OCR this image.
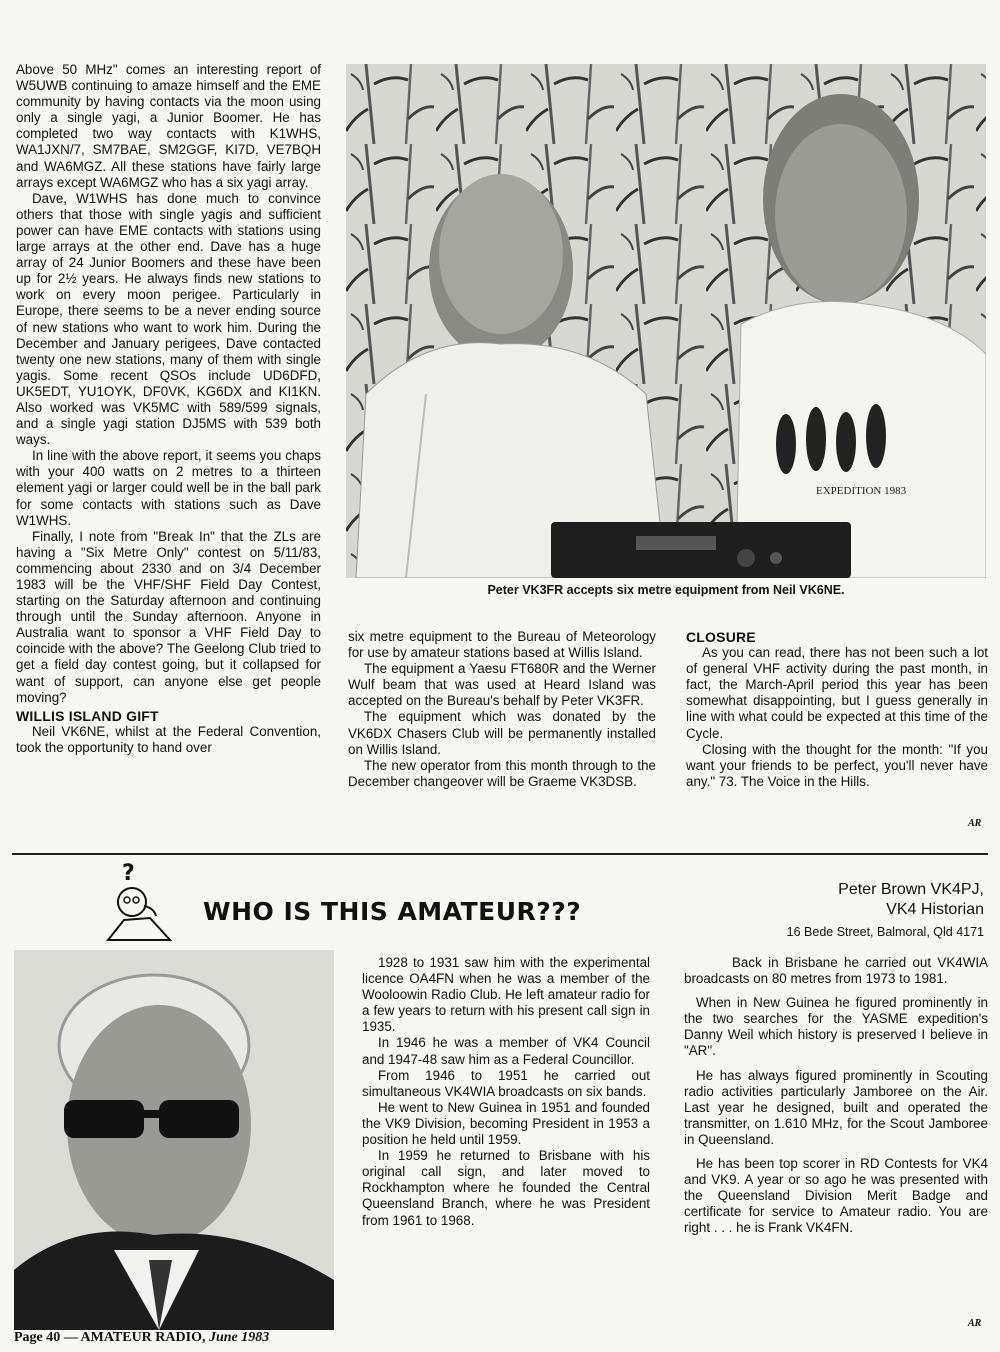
Above 50 MHz" comes an interesting report of W5UWB continuing to amaze himself and the EME community by having contacts via the moon using only a single yagi, a Junior Boomer. He has completed two way contacts with K1WHS, WA1JXN/7, SM7BAE, SM2GGF, KI7D, VE7BQH and WA6MGZ. All these stations have fairly large arrays except WA6MGZ who has a six yagi array.

Dave, W1WHS has done much to convince others that those with single yagis and sufficient power can have EME contacts with stations using large arrays at the other end. Dave has a huge array of 24 Junior Boomers and these have been up for 2½ years. He always finds new stations to work on every moon perigee. Particularly in Europe, there seems to be a never ending source of new stations who want to work him. During the December and January perigees, Dave contacted twenty one new stations, many of them with single yagis. Some recent QSOs include UD6DFD, UK5EDT, YU1OYK, DF0VK, KG6DX and KI1KN. Also worked was VK5MC with 589/599 signals, and a single yagi station DJ5MS with 539 both ways.

In line with the above report, it seems you chaps with your 400 watts on 2 metres to a thirteen element yagi or larger could well be in the ball park for some contacts with stations such as Dave W1WHS.

Finally, I note from "Break In" that the ZLs are having a "Six Metre Only" contest on 5/11/83, commencing about 2330 and on 3/4 December 1983 will be the VHF/SHF Field Day Contest, starting on the Saturday afternoon and continuing through until the Sunday afternoon. Anyone in Australia want to sponsor a VHF Field Day to coincide with the above? The Geelong Club tried to get a field day contest going, but it collapsed for want of support, can anyone else get people moving?

WILLIS ISLAND GIFT

Neil VK6NE, whilst at the Federal Convention, took the opportunity to hand over

EXPEDITION 1983
Peter VK3FR accepts six metre equipment from Neil VK6NE.

six metre equipment to the Bureau of Meteorology for use by amateur stations based at Willis Island.

The equipment a Yaesu FT680R and the Werner Wulf beam that was used at Heard Island was accepted on the Bureau's behalf by Peter VK3FR.

The equipment which was donated by the VK6DX Chasers Club will be permanently installed on Willis Island.

The new operator from this month through to the December changeover will be Graeme VK3DSB.

CLOSURE

As you can read, there has not been such a lot of general VHF activity during the past month, in fact, the March-April period this year has been somewhat disappointing, but I guess generally in line with what could be expected at this time of the Cycle.

Closing with the thought for the month: "If you want your friends to be perfect, you'll never have any." 73. The Voice in the Hills.

AR
?
WHO IS THIS AMATEUR???
Peter Brown VK4PJ,
VK4 Historian
16 Bede Street, Balmoral, Qld 4171

1928 to 1931 saw him with the experimental licence OA4FN when he was a member of the Wooloowin Radio Club. He left amateur radio for a few years to return with his present call sign in 1935.

In 1946 he was a member of VK4 Council and 1947-48 saw him as a Federal Councillor.

From 1946 to 1951 he carried out simultaneous VK4WIA broadcasts on six bands.

He went to New Guinea in 1951 and founded the VK9 Division, becoming President in 1953 a position he held until 1959.

In 1959 he returned to Brisbane with his original call sign, and later moved to Rockhampton where he founded the Central Queensland Branch, where he was President from 1961 to 1968.

Back in Brisbane he carried out VK4WIA broadcasts on 80 metres from 1973 to 1981.

When in New Guinea he figured prominently in the two searches for the YASME expedition's Danny Weil which history is preserved I believe in "AR".

He has always figured prominently in Scouting radio activities particularly Jamboree on the Air. Last year he designed, built and operated the transmitter, on 1.610 MHz, for the Scout Jamboree in Queensland.

He has been top scorer in RD Contests for VK4 and VK9. A year or so ago he was presented with the Queensland Division Merit Badge and certificate for service to Amateur radio. You are right . . . he is Frank VK4FN.

AR
Page 40 — AMATEUR RADIO, June 1983
